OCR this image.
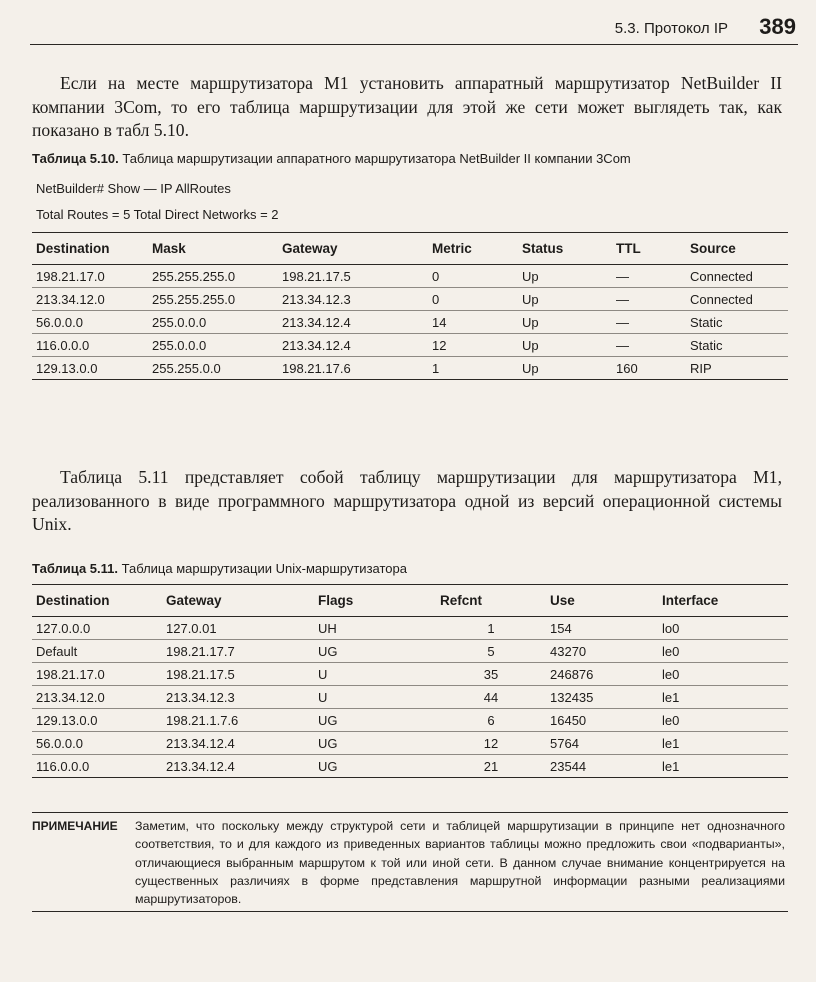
5.3. Протокол IP 389

Если на месте маршрутизатора М1 установить аппаратный маршрутизатор NetBuilder II компании 3Com, то его таблица маршрутизации для этой же сети может выглядеть так, как показано в табл 5.10.

Таблица 5.10. Таблица маршрутизации аппаратного маршрутизатора NetBuilder II компании 3Com
NetBuilder# Show — IP AllRoutes
Total Routes = 5 Total Direct Networks = 2
Destination	Mask	Gateway	Metric	Status	TTL	Source
198.21.17.0	255.255.255.0	198.21.17.5	0	Up	—	Connected
213.34.12.0	255.255.255.0	213.34.12.3	0	Up	—	Connected
56.0.0.0	255.0.0.0	213.34.12.4	14	Up	—	Static
116.0.0.0	255.0.0.0	213.34.12.4	12	Up	—	Static
129.13.0.0	255.255.0.0	198.21.17.6	1	Up	160	RIP

Таблица 5.11 представляет собой таблицу маршрутизации для маршрутизатора М1, реализованного в виде программного маршрутизатора одной из версий операционной системы Unix.

Таблица 5.11. Таблица маршрутизации Unix-маршрутизатора
Destination	Gateway	Flags	Refcnt	Use	Interface
127.0.0.0	127.0.01	UH	1	154	lo0
Default	198.21.17.7	UG	5	43270	le0
198.21.17.0	198.21.17.5	U	35	246876	le0
213.34.12.0	213.34.12.3	U	44	132435	le1
129.13.0.0	198.21.1.7.6	UG	6	16450	le0
56.0.0.0	213.34.12.4	UG	12	5764	le1
116.0.0.0	213.34.12.4	UG	21	23544	le1
ПРИМЕЧАНИЕ Заметим, что поскольку между структурой сети и таблицей маршрутизации в принципе нет однозначного соответствия, то и для каждого из приведенных вариантов таблицы можно предложить свои «подварианты», отличающиеся выбранным маршрутом к той или иной сети. В данном случае внимание концентрируется на существенных различиях в форме представления маршрутной информации разными реализациями маршрутизаторов.
